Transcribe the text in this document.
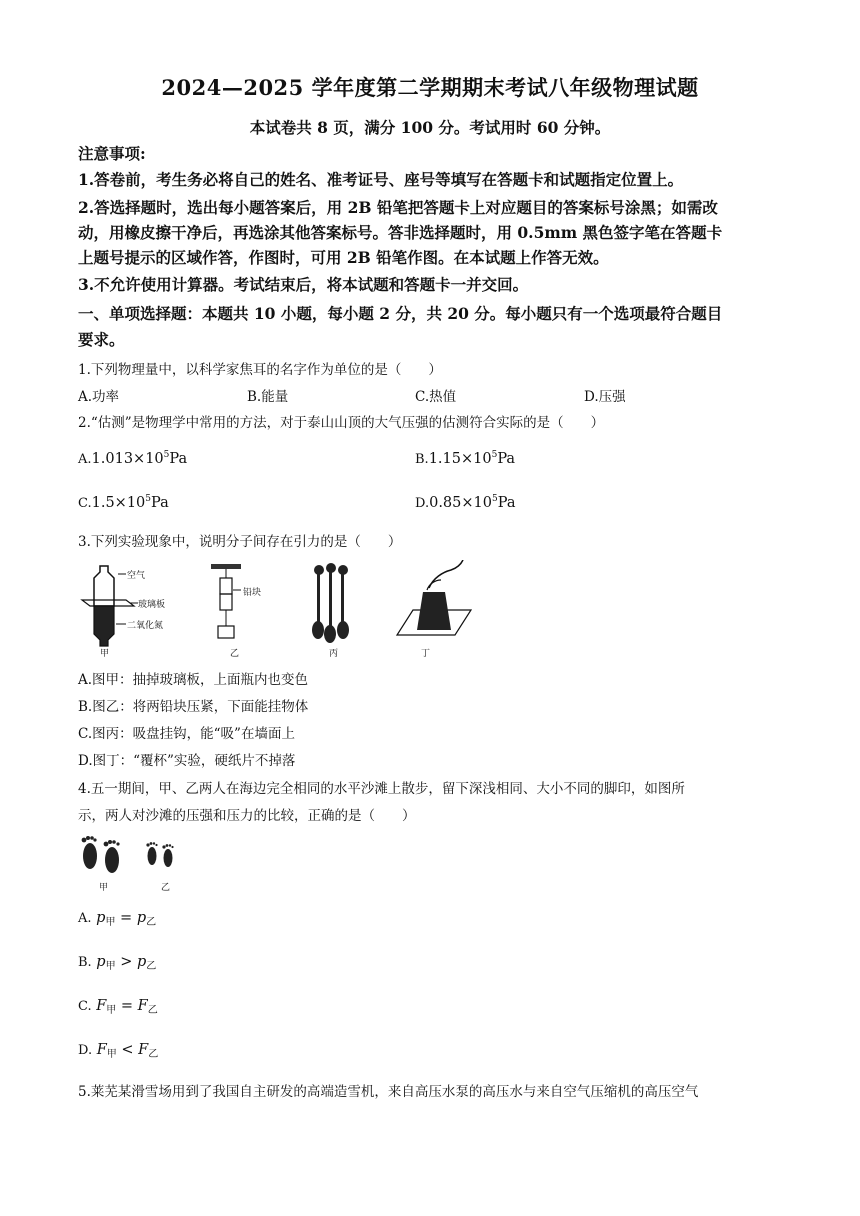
2024—2025 学年度第二学期期末考试八年级物理试题
本试卷共 8 页，满分 100 分。考试用时 60 分钟。
注意事项:
1.答卷前，考生务必将自己的姓名、准考证号、座号等填写在答题卡和试题指定位置上。
2.答选择题时，选出每小题答案后，用 2B 铅笔把答题卡上对应题目的答案标号涂黑；如需改
动，用橡皮擦干净后，再选涂其他答案标号。答非选择题时，用 0.5mm 黑色签字笔在答题卡
上题号提示的区域作答，作图时，可用 2B 铅笔作图。在本试题上作答无效。
3.不允许使用计算器。考试结束后，将本试题和答题卡一并交回。
一、单项选择题：本题共 10 小题，每小题 2 分，共 20 分。每小题只有一个选项最符合题目
要求。
1.下列物理量中，以科学家焦耳的名字作为单位的是（　　）
A.功率	B.能量	C.热值	D.压强
2.“估测”是物理学中常用的方法，对于泰山山顶的大气压强的估测符合实际的是（　　）
$A.1.013\times 10^5Pa$	$B.1.15\times 10^5Pa$
$C.1.5\times 10^5Pa$	$D.0.85\times 10^5Pa$
3.下列实验现象中，说明分子间存在引力的是（　　）
空气
玻璃板
二氧化氮
甲
铅块
乙	丙	丁
A.图甲：抽掉玻璃板，上面瓶内也变色
B.图乙：将两铅块压紧，下面能挂物体
C.图丙：吸盘挂钩，能“吸”在墙面上
D.图丁：“覆杯”实验，硬纸片不掉落
4.五一期间，甲、乙两人在海边完全相同的水平沙滩上散步，留下深浅相同、大小不同的脚印，如图所
示，两人对沙滩的压强和压力的比较，正确的是（　　）
甲	乙
A. $p_甲 = p_乙$
B. $p_甲 > p_乙$
C. $F_甲 = F_乙$
D. $F_甲 < F_乙$
5.莱芜某滑雪场用到了我国自主研发的高端造雪机，来自高压水泵的高压水与来自空气压缩机的高压空气
